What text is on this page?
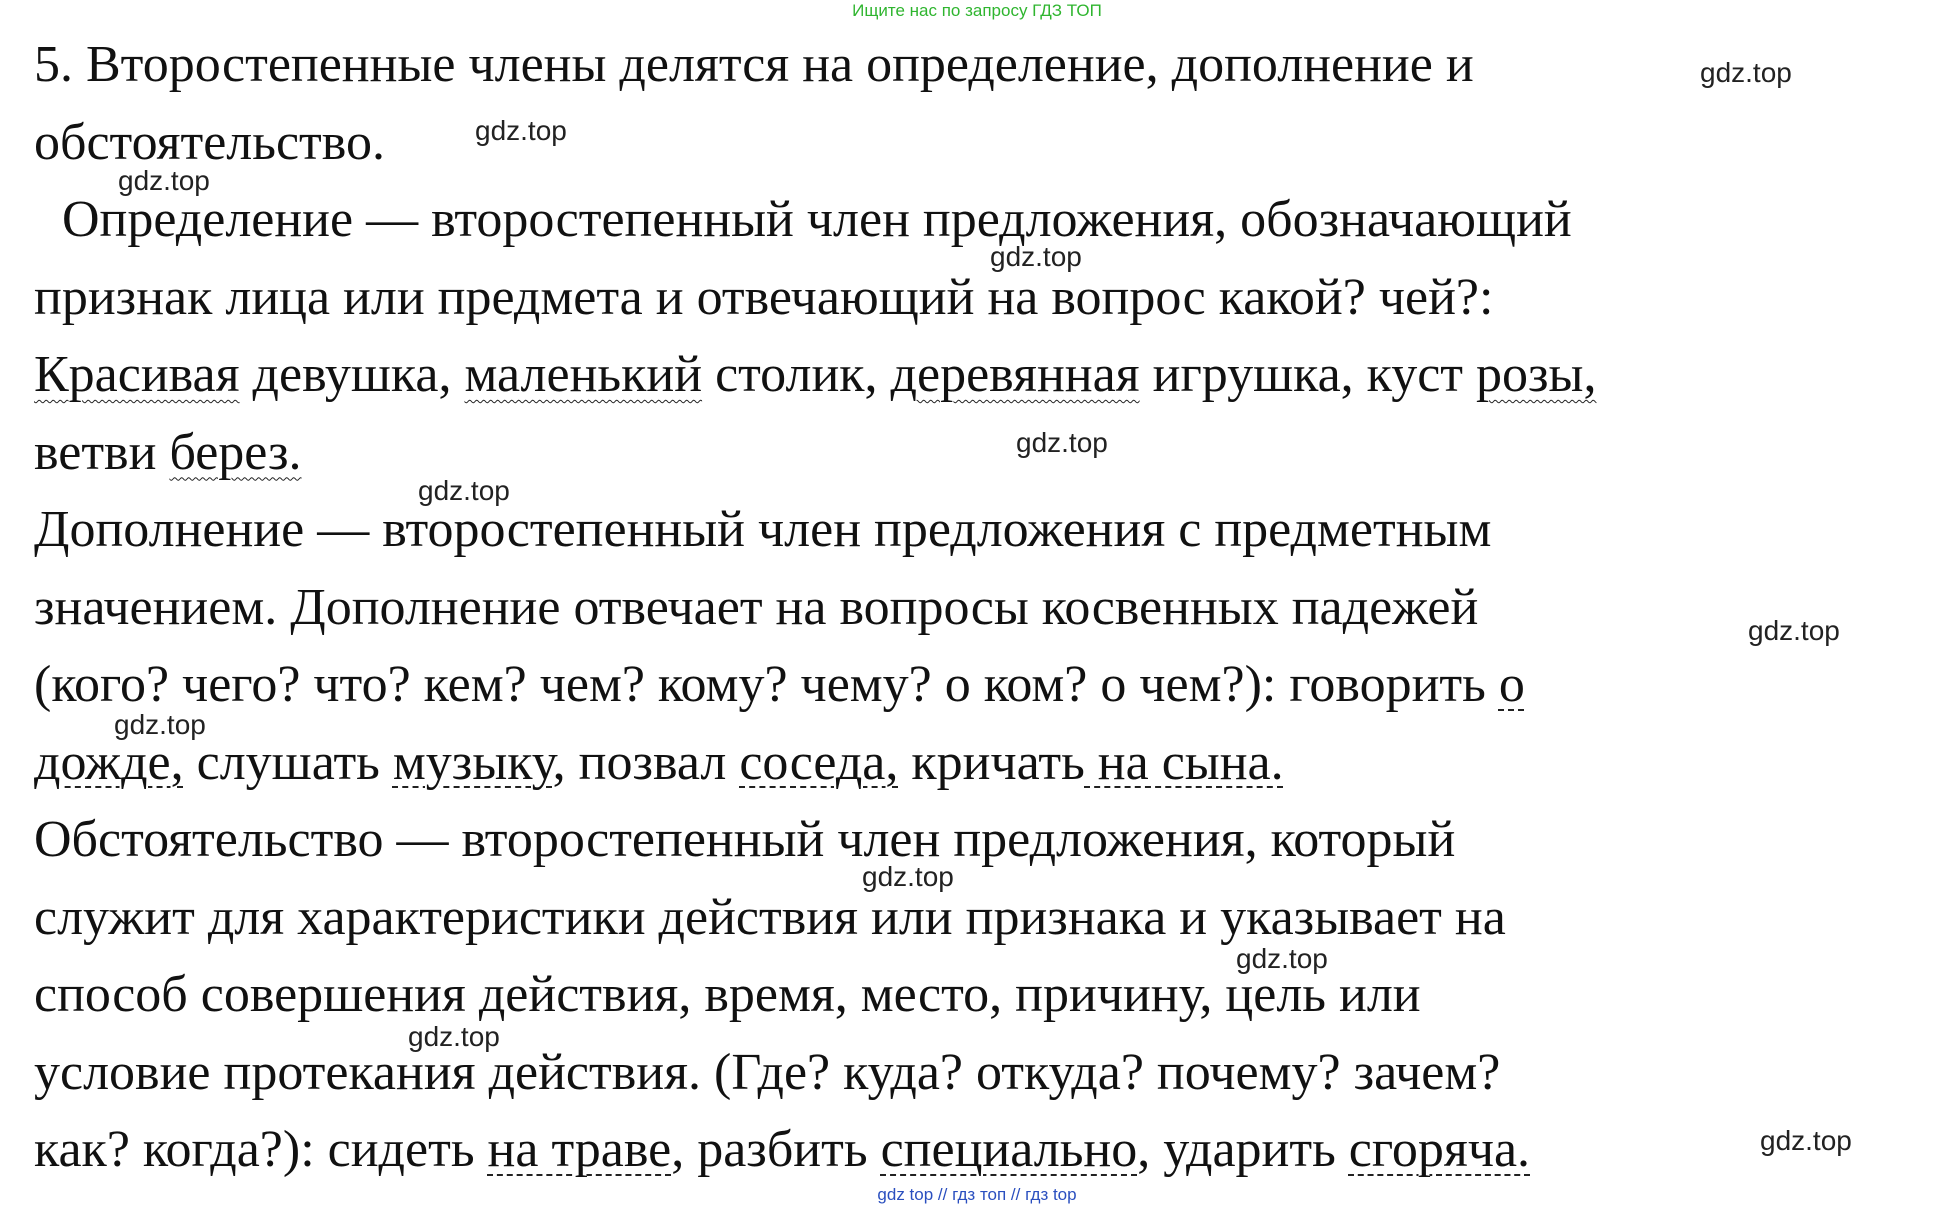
Ищите нас по запросу ГДЗ ТОП
5. Второстепенные члены делятся на определение, дополнение и
обстоятельство.
Определение — второстепенный член предложения, обозначающий
признак лица или предмета и отвечающий на вопрос какой? чей?:
Красивая девушка, маленький столик, деревянная игрушка, куст розы,
ветви берез.
Дополнение — второстепенный член предложения с предметным
значением. Дополнение отвечает на вопросы косвенных падежей
(кого? чего? что? кем? чем? кому? чему? о ком? о чем?): говорить о
дожде, слушать музыку, позвал соседа, кричать на сына.
Обстоятельство — второстепенный член предложения, который
служит для характеристики действия или признака и указывает на
способ совершения действия, время, место, причину, цель или
условие протекания действия. (Где? куда? откуда? почему? зачем?
как? когда?): сидеть на траве, разбить специально, ударить сгоряча.
gdz.top
gdz.top
gdz.top
gdz.top
gdz.top
gdz.top
gdz.top
gdz.top
gdz.top
gdz.top
gdz.top
gdz.top
gdz top // гдз топ // гдз top
